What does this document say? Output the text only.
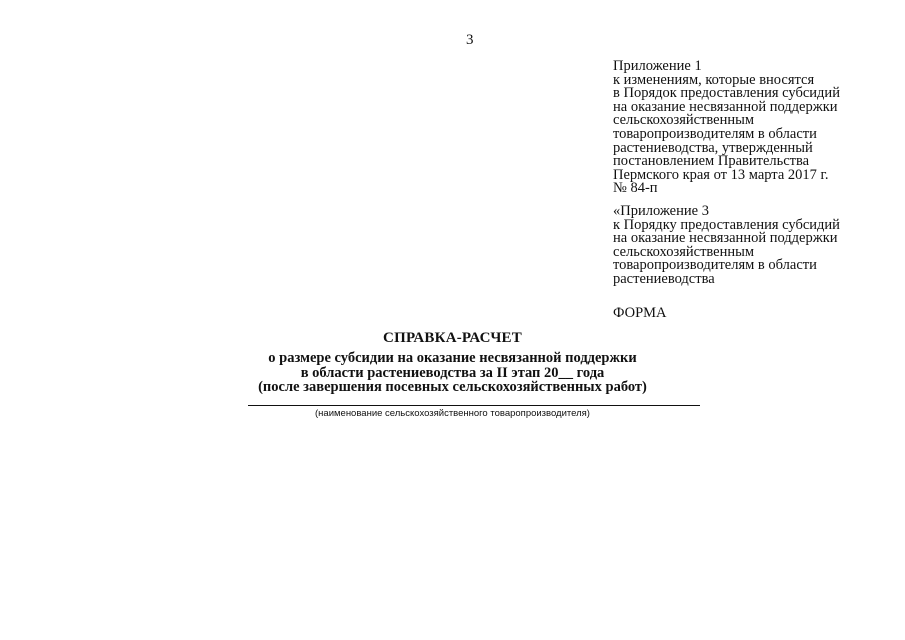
3
Приложение 1
к изменениям, которые вносятся
в Порядок предоставления субсидий
на оказание несвязанной поддержки
сельскохозяйственным
товаропроизводителям в области
растениеводства, утвержденный
постановлением Правительства
Пермского края от 13 марта 2017 г.
№ 84-п
«Приложение 3
к Порядку предоставления субсидий
на оказание несвязанной поддержки
сельскохозяйственным
товаропроизводителям в области
растениеводства
ФОРМА
СПРАВКА-РАСЧЕТ
о размере субсидии на оказание несвязанной поддержки
в области растениеводства за II этап 20__ года
(после завершения посевных сельскохозяйственных работ)
(наименование сельскохозяйственного товаропроизводителя)
